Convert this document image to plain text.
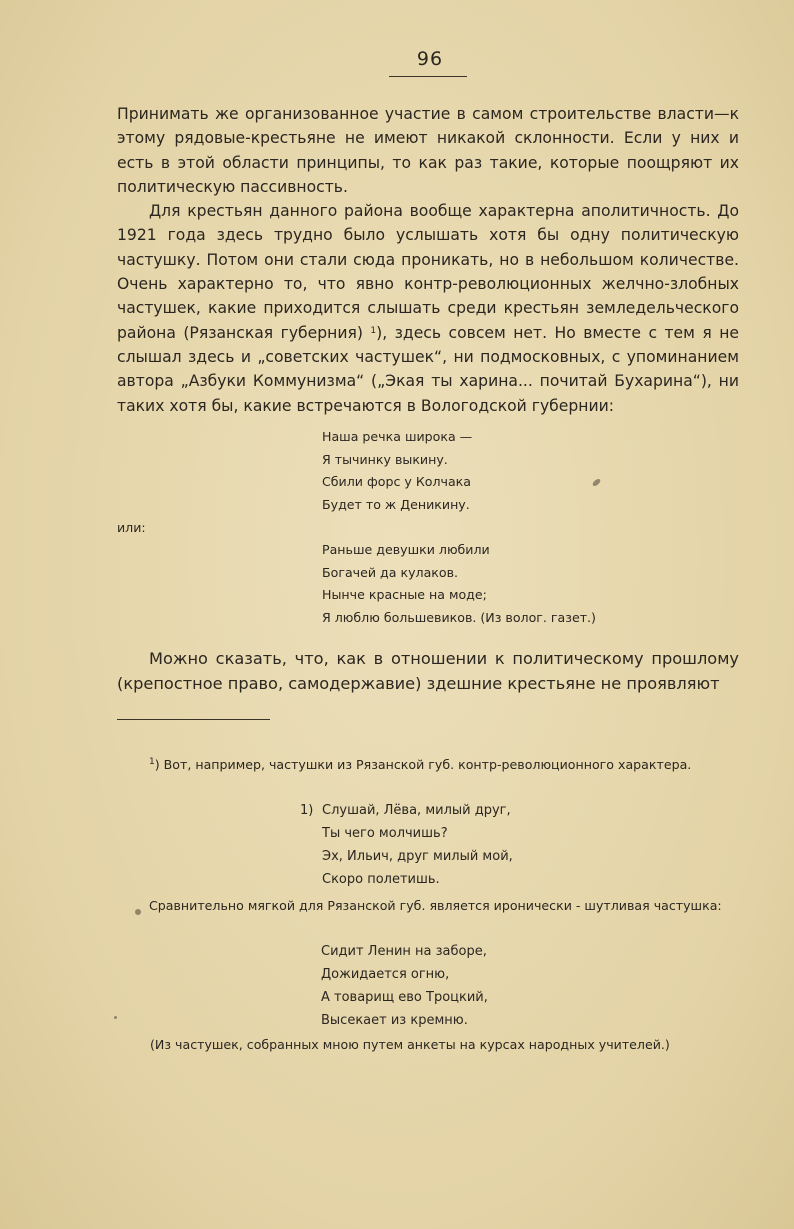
96

Принимать же организованное участие в самом строительстве власти—к этому рядовые-крестьяне не имеют никакой склонности. Если у них и есть в этой области принципы, то как раз такие, которые поощряют их политическую пассивность.

Для крестьян данного района вообще характерна аполитичность. До 1921 года здесь трудно было услышать хотя бы одну политическую частушку. Потом они стали сюда проникать, но в небольшом количестве. Очень характерно то, что явно контр-революционных желчно-злобных частушек, какие приходится слышать среди крестьян земледельческого района (Рязанская губерния) $^1$), здесь совсем нет. Но вместе с тем я не слышал здесь и „советских частушек“, ни подмосковных, с упоминанием автора „Азбуки Коммунизма“ („Экая ты харина... почитай Бухарина“), ни таких хотя бы, какие встречаются в Вологодской губернии:

Наша речка широка —
Я тычинку выкину.
Сбили форс у Колчака
Будет то ж Деникину.
или:
Раньше девушки любили
Богачей да кулаков.
Нынче красные на моде;
Я люблю большевиков. (Из волог. газет.)

Можно сказать, что, как в отношении к политическому прошлому (крепостное право, самодержавие) здешние крестьяне не проявляют

$^1$) Вот, например, частушки из Рязанской губ. контр-революционного характера.

1) Слушай, Лёва, милый друг,
Ты чего молчишь?
Эх, Ильич, друг милый мой,
Скоро полетишь.

Сравнительно мягкой для Рязанской губ. является иронически - шутливая частушка:

Сидит Ленин на заборе,
Дожидается огню,
А товарищ ево Троцкий,
Высекает из кремню.
(Из частушек, собранных мною путем анкеты на курсах народных учителей.)
